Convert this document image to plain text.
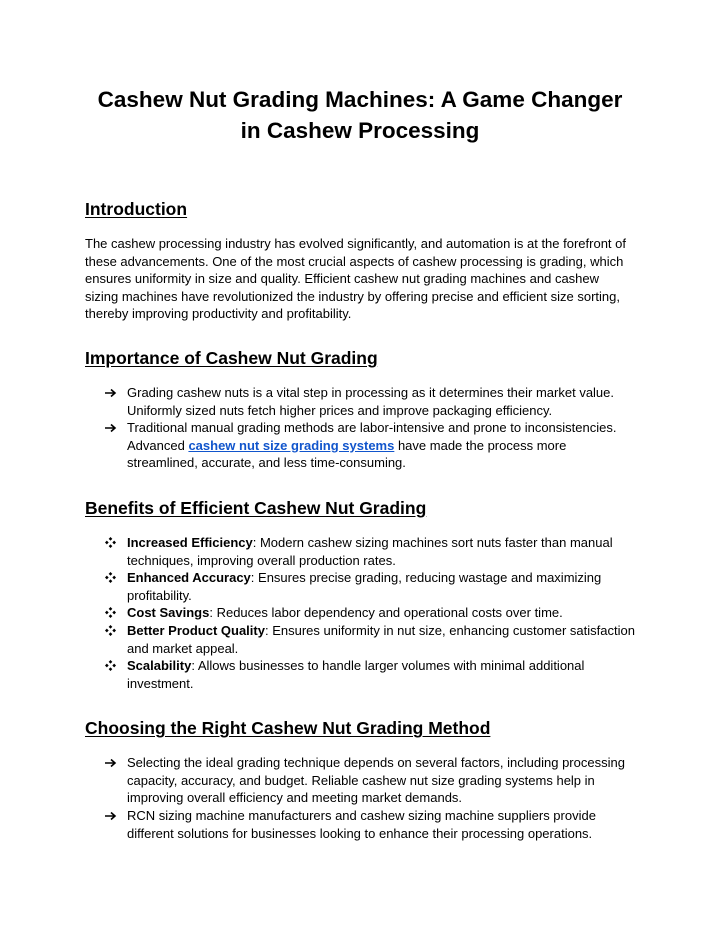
Cashew Nut Grading Machines: A Game Changer in Cashew Processing
Introduction

The cashew processing industry has evolved significantly, and automation is at the forefront of these advancements. One of the most crucial aspects of cashew processing is grading, which ensures uniformity in size and quality. Efficient cashew nut grading machines and cashew sizing machines have revolutionized the industry by offering precise and efficient size sorting, thereby improving productivity and profitability.

Importance of Cashew Nut Grading
Grading cashew nuts is a vital step in processing as it determines their market value. Uniformly sized nuts fetch higher prices and improve packaging efficiency.
Traditional manual grading methods are labor-intensive and prone to inconsistencies. Advanced cashew nut size grading systems have made the process more streamlined, accurate, and less time-consuming.
Benefits of Efficient Cashew Nut Grading
Increased Efficiency: Modern cashew sizing machines sort nuts faster than manual techniques, improving overall production rates.
Enhanced Accuracy: Ensures precise grading, reducing wastage and maximizing profitability.
Cost Savings: Reduces labor dependency and operational costs over time.
Better Product Quality: Ensures uniformity in nut size, enhancing customer satisfaction and market appeal.
Scalability: Allows businesses to handle larger volumes with minimal additional investment.
Choosing the Right Cashew Nut Grading Method
Selecting the ideal grading technique depends on several factors, including processing capacity, accuracy, and budget. Reliable cashew nut size grading systems help in improving overall efficiency and meeting market demands.
RCN sizing machine manufacturers and cashew sizing machine suppliers provide different solutions for businesses looking to enhance their processing operations.
